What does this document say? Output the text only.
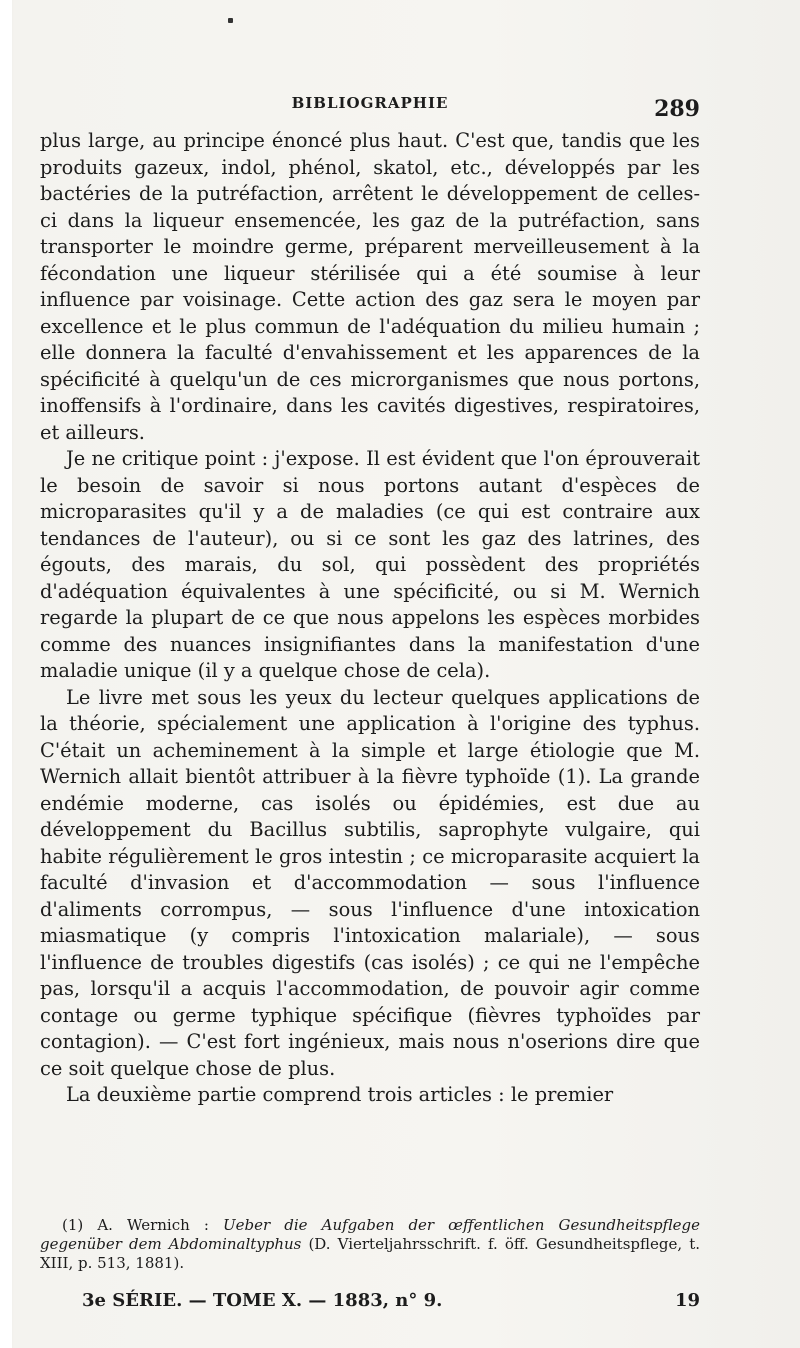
BIBLIOGRAPHIE	289

plus large, au principe énoncé plus haut. C'est que, tandis que les produits gazeux, indol, phénol, skatol, etc., développés par les bactéries de la putréfaction, arrêtent le développement de celles-ci dans la liqueur ensemencée, les gaz de la putréfaction, sans transporter le moindre germe, préparent merveilleusement à la fécondation une liqueur stérilisée qui a été soumise à leur influence par voisinage. Cette action des gaz sera le moyen par excellence et le plus commun de l'adéquation du milieu humain ; elle donnera la faculté d'envahissement et les apparences de la spécificité à quelqu'un de ces microrganismes que nous portons, inoffensifs à l'ordinaire, dans les cavités digestives, respiratoires, et ailleurs.

Je ne critique point : j'expose. Il est évident que l'on éprouverait le besoin de savoir si nous portons autant d'espèces de microparasites qu'il y a de maladies (ce qui est contraire aux tendances de l'auteur), ou si ce sont les gaz des latrines, des égouts, des marais, du sol, qui possèdent des propriétés d'adéquation équivalentes à une spécificité, ou si M. Wernich regarde la plupart de ce que nous appelons les espèces morbides comme des nuances insignifiantes dans la manifestation d'une maladie unique (il y a quelque chose de cela).

Le livre met sous les yeux du lecteur quelques applications de la théorie, spécialement une application à l'origine des typhus. C'était un acheminement à la simple et large étiologie que M. Wernich allait bientôt attribuer à la fièvre typhoïde (1). La grande endémie moderne, cas isolés ou épidémies, est due au développement du Bacillus subtilis, saprophyte vulgaire, qui habite régulièrement le gros intestin ; ce microparasite acquiert la faculté d'invasion et d'accommodation — sous l'influence d'aliments corrompus, — sous l'influence d'une intoxication miasmatique (y compris l'intoxication malariale), — sous l'influence de troubles digestifs (cas isolés) ; ce qui ne l'empêche pas, lorsqu'il a acquis l'accommodation, de pouvoir agir comme contage ou germe typhique spécifique (fièvres typhoïdes par contagion). — C'est fort ingénieux, mais nous n'oserions dire que ce soit quelque chose de plus.

La deuxième partie comprend trois articles : le premier

(1) A. Wernich : Ueber die Aufgaben der œffentlichen Gesundheitspflege gegenüber dem Abdominaltyphus (D. Vierteljahrsschrift. f. öff. Gesundheitspflege, t. XIII, p. 513, 1881).
3e SÉRIE. — TOME X. — 1883, n° 9.	19
